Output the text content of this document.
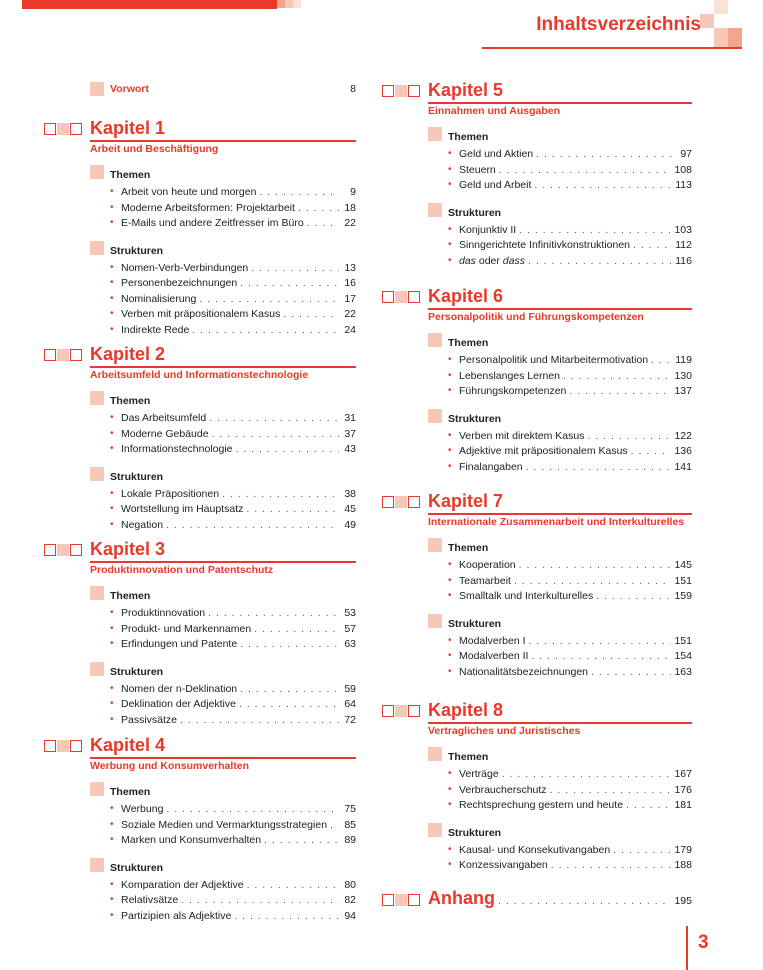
Inhaltsverzeichnis
Vorwort	8
Kapitel 1
Arbeit und Beschäftigung
Themen
• Arbeit von heute und morgen . . .	9
• Moderne Arbeitsformen: Projektarbeit . . .	18
• E-Mails und andere Zeitfresser im Büro . . .	22
Strukturen
• Nomen-Verb-Verbindungen . . .	13
• Personenbezeichnungen . . .	16
• Nominalisierung . . .	17
• Verben mit präpositionalem Kasus . . .	22
• Indirekte Rede . . .	24
Kapitel 2
Arbeitsumfeld und Informationstechnologie
Themen
• Das Arbeitsumfeld . . .	31
• Moderne Gebäude . . .	37
• Informationstechnologie . . .	43
Strukturen
• Lokale Präpositionen . . .	38
• Wortstellung im Hauptsatz . . .	45
• Negation . . .	49
Kapitel 3
Produktinnovation und Patentschutz
Themen
• Produktinnovation . . .	53
• Produkt- und Markennamen . . .	57
• Erfindungen und Patente . . .	63
Strukturen
• Nomen der n-Deklination . . .	59
• Deklination der Adjektive . . .	64
• Passivsätze . . .	72
Kapitel 4
Werbung und Konsumverhalten
Themen
• Werbung . . .	75
• Soziale Medien und Vermarktungsstrategien . . . 85
• Marken und Konsumverhalten . . .	89
Strukturen
• Komparation der Adjektive . . .	80
• Relativsätze . . .	82
• Partizipien als Adjektive . . .	94
Kapitel 5
Einnahmen und Ausgaben
Themen
• Geld und Aktien . . .	97
• Steuern . . .	108
• Geld und Arbeit . . .	113
Strukturen
• Konjunktiv II . . .	103
• Sinngerichtete Infinitivkonstruktionen . . .	112
• das oder dass . . .	116
Kapitel 6
Personalpolitik und Führungskompetenzen
Themen
• Personalpolitik und Mitarbeitermotivation . . .	119
• Lebenslanges Lernen . . .	130
• Führungskompetenzen . . .	137
Strukturen
• Verben mit direktem Kasus . . .	122
• Adjektive mit präpositionalem Kasus . . .	136
• Finalangaben . . .	141
Kapitel 7
Internationale Zusammenarbeit und Interkulturelles
Themen
• Kooperation . . .	145
• Teamarbeit . . .	151
• Smalltalk und Interkulturelles . . .	159
Strukturen
• Modalverben I . . .	151
• Modalverben II . . .	154
• Nationalitätsbezeichnungen . . .	163
Kapitel 8
Vertragliches und Juristisches
Themen
• Verträge . . .	167
• Verbraucherschutz . . .	176
• Rechtsprechung gestern und heute . . .	181
Strukturen
• Kausal- und Konsekutivangaben . . .	179
• Konzessivangaben . . .	188
Anhang . . .	195
3
